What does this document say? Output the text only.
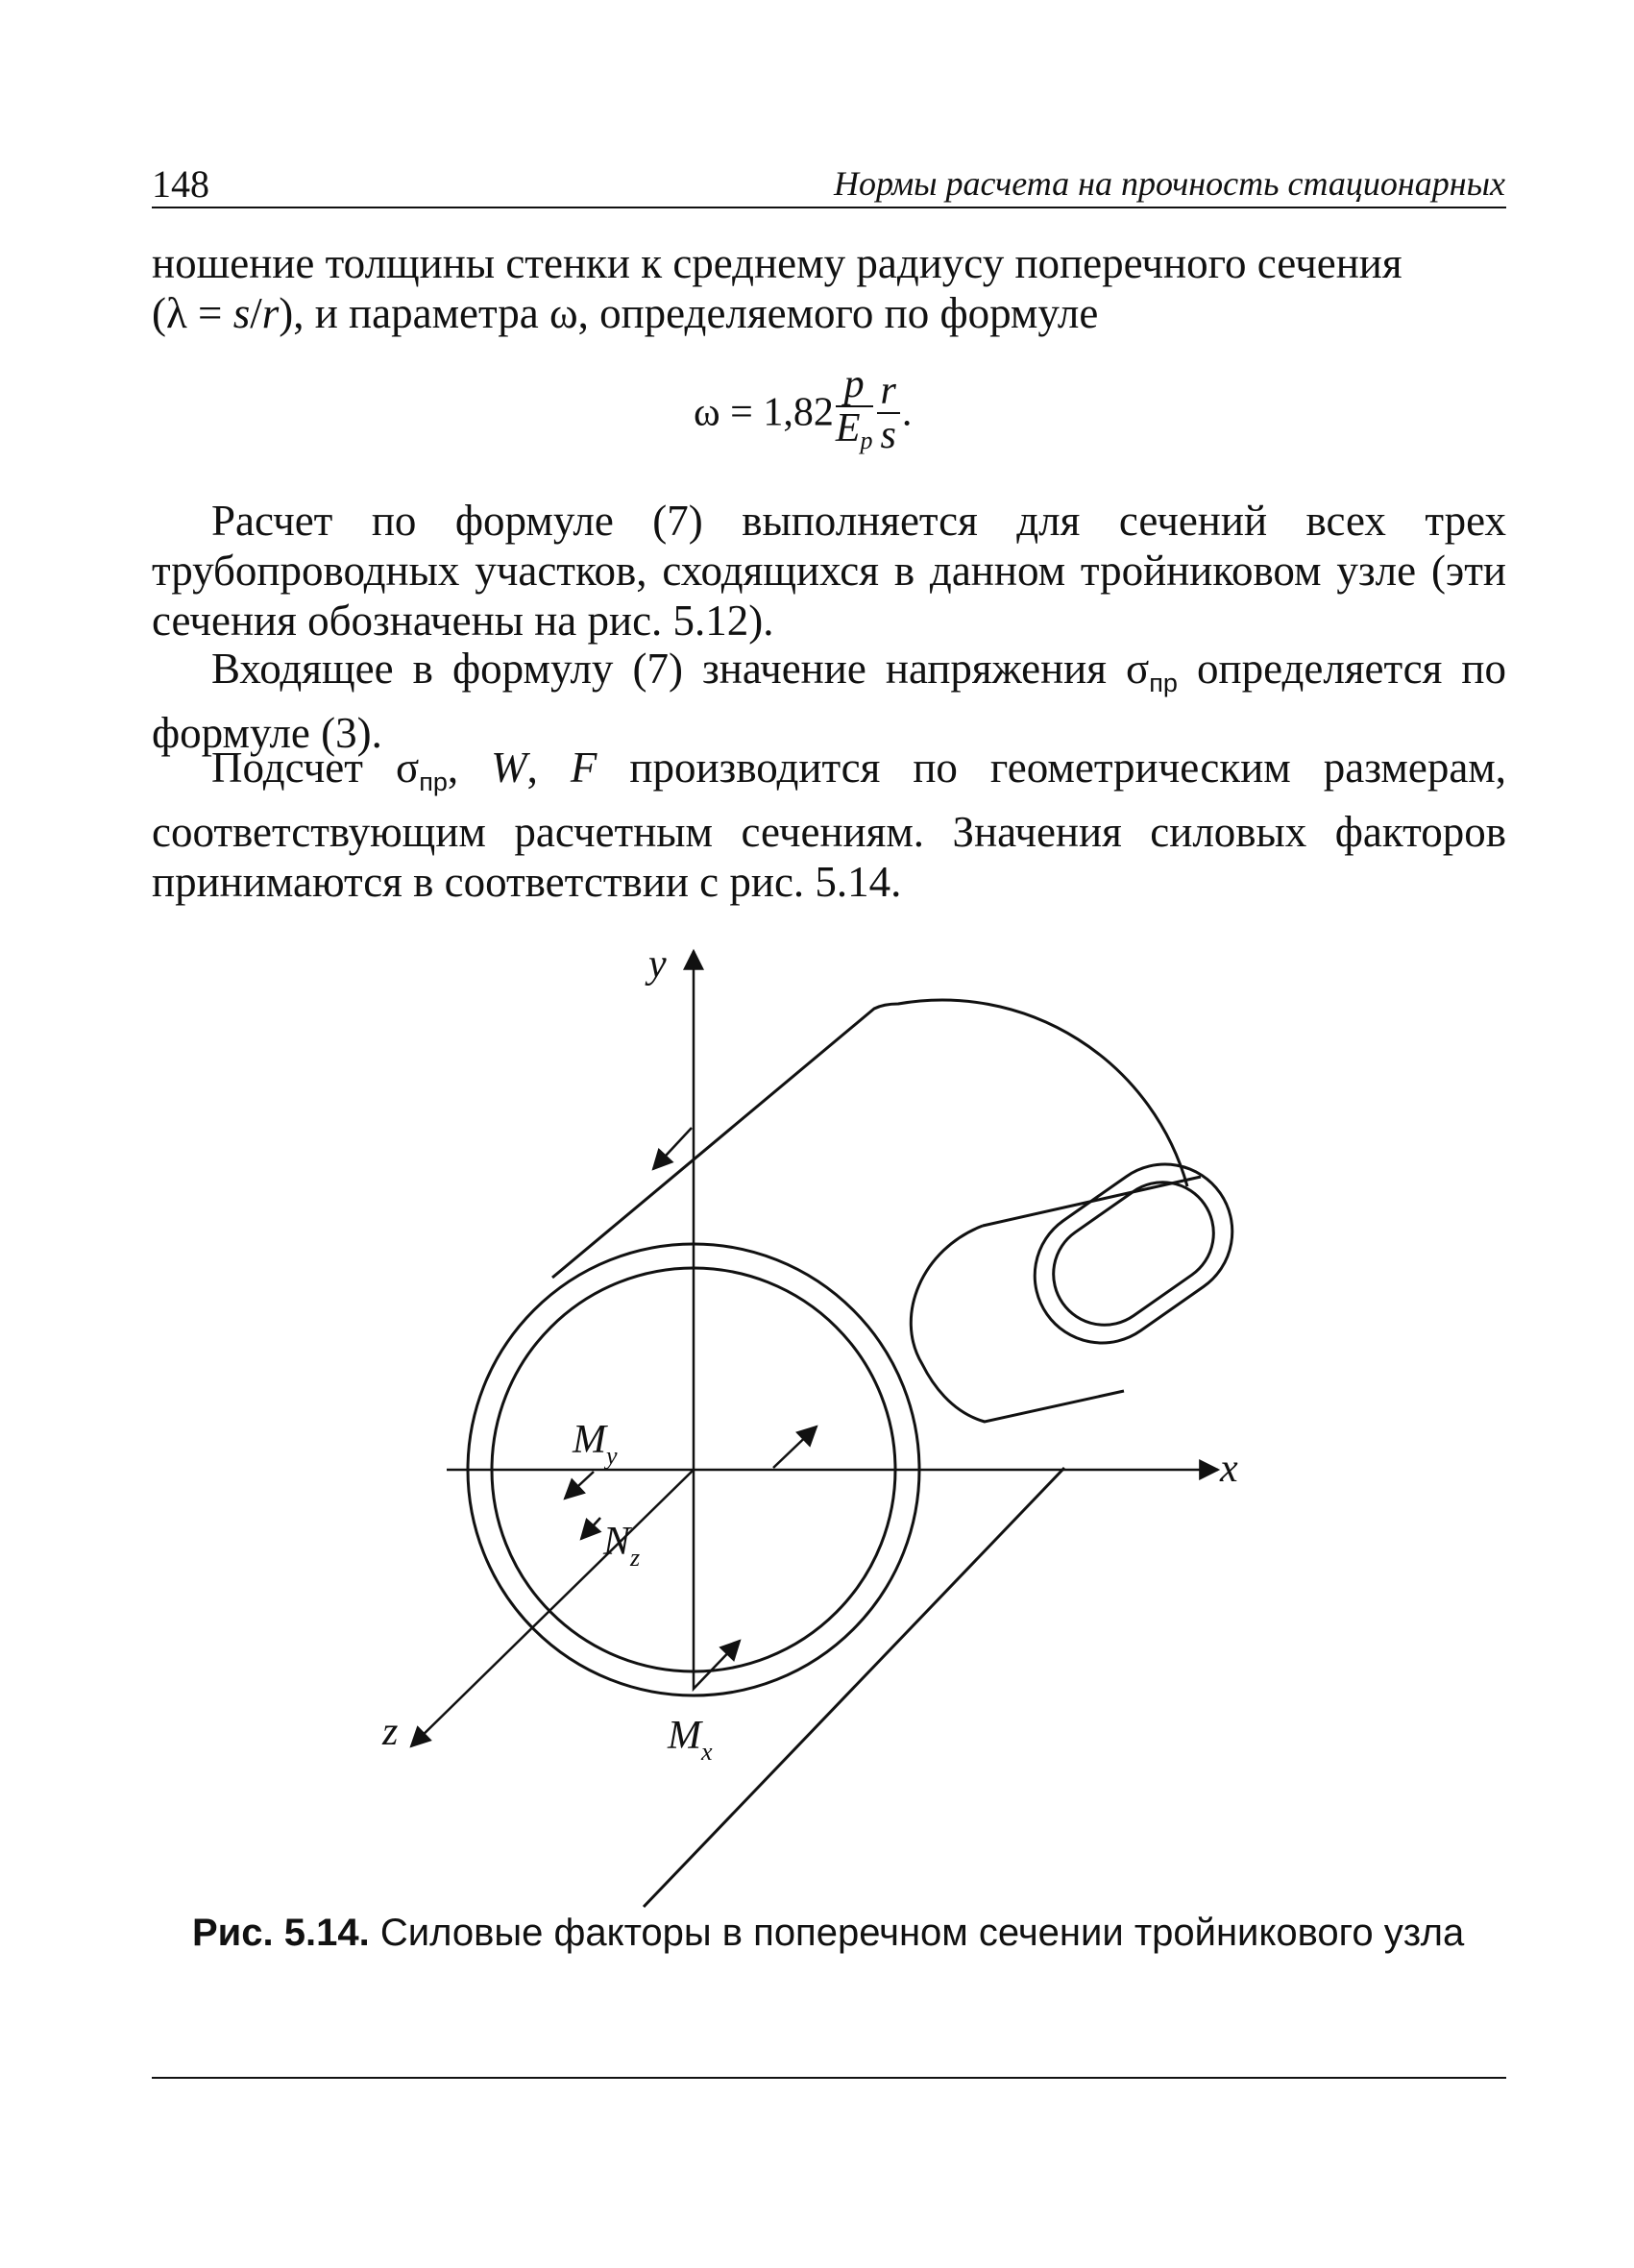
148	Нормы расчета на прочность стационарных

ношение толщины стенки к среднему радиусу поперечного сечения

(λ = s/r), и параметра ω, определяемого по формуле

$\omega = 1,82 \frac{p}{Ep} \frac{r}{s}$ .

Расчет по формуле (7) выполняется для сечений всех трех трубопроводных участков, сходящихся в данном тройниковом узле (эти сечения обозначены на рис. 5.12).

Входящее в формулу (7) значение напряжения $\sigma_{пр}$ определяется по формуле (3).

Подсчет $\sigma_{пр}$, W, F производится по геометрическим размерам, соответствующим расчетным сечениям. Значения силовых факторов принимаются в соответствии с рис. 5.14.

y
x
z
$M_y$
$N_z$
$M_x$
Рис. 5.14. Силовые факторы в поперечном сечении тройникового узла
